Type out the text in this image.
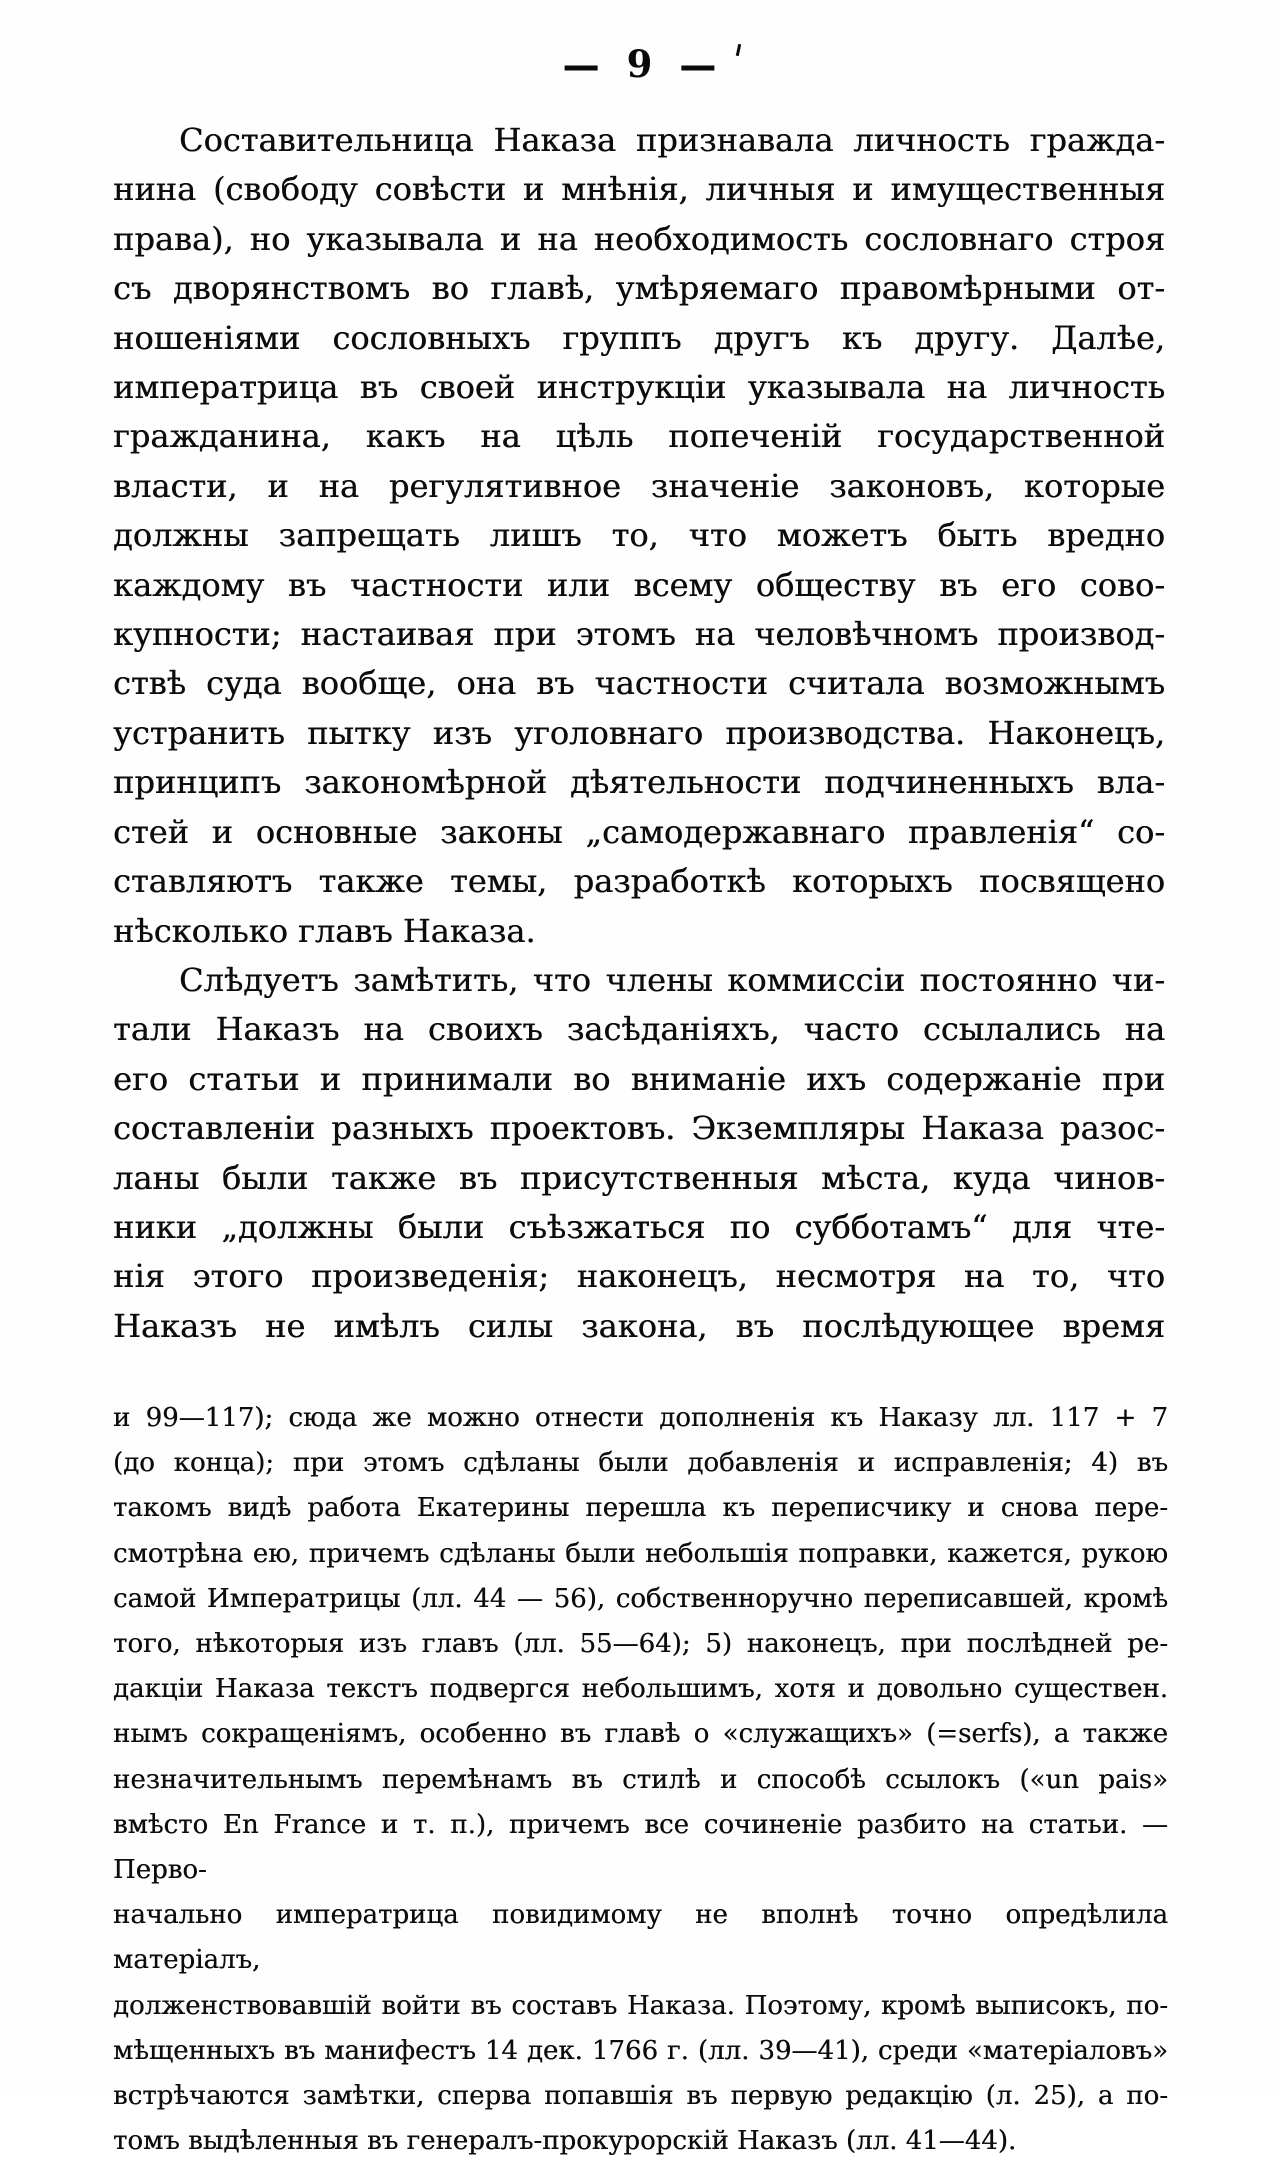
— 9 —
Составительница Наказа признавала личность гражда-
нина (свободу совѣсти и мнѣнія, личныя и имущественныя
права), но указывала и на необходимость сословнаго строя
съ дворянствомъ во главѣ, умѣряемаго правомѣрными от-
ношеніями сословныхъ группъ другъ къ другу. Далѣе,
императрица въ своей инструкціи указывала на личность
гражданина, какъ на цѣль попеченій государственной
власти, и на регулятивное значеніе законовъ, которые
должны запрещать лишъ то, что можетъ быть вредно
каждому въ частности или всему обществу въ его сово-
купности; настаивая при этомъ на человѣчномъ производ-
ствѣ суда вообще, она въ частности считала возможнымъ
устранить пытку изъ уголовнаго производства. Наконецъ,
принципъ закономѣрной дѣятельности подчиненныхъ вла-
стей и основные законы „самодержавнаго правленія“ со-
ставляютъ также темы, разработкѣ которыхъ посвящено
нѣсколько главъ Наказа.
Слѣдуетъ замѣтить, что члены коммиссіи постоянно чи-
тали Наказъ на своихъ засѣданіяхъ, часто ссылались на
его статьи и принимали во вниманіе ихъ содержаніе при
составленіи разныхъ проектовъ. Экземпляры Наказа разос-
ланы были также въ присутственныя мѣста, куда чинов-
ники „должны были съѣзжаться по субботамъ“ для чте-
нія этого произведенія; наконецъ, несмотря на то, что
Наказъ не имѣлъ силы закона, въ послѣдующее время
и 99—117); сюда же можно отнести дополненія къ Наказу лл. 117 + 7
(до конца); при этомъ сдѣланы были добавленія и исправленія; 4) въ
такомъ видѣ работа Екатерины перешла къ переписчику и снова пере-
смотрѣна ею, причемъ сдѣланы были небольшія поправки, кажется, рукою
самой Императрицы (лл. 44 — 56), собственноручно переписавшей, кромѣ
того, нѣкоторыя изъ главъ (лл. 55—64); 5) наконецъ, при послѣдней ре-
дакціи Наказа текстъ подвергся небольшимъ, хотя и довольно существен.
нымъ сокращеніямъ, особенно въ главѣ о «служащихъ» (=serfs), а также
незначительнымъ перемѣнамъ въ стилѣ и способѣ ссылокъ («un pais»
вмѣсто En France и т. п.), причемъ все сочиненіе разбито на статьи. —Перво-
начально императрица повидимому не вполнѣ точно опредѣлила матеріалъ,
долженствовавшій войти въ составъ Наказа. Поэтому, кромѣ выписокъ, по-
мѣщенныхъ въ манифестъ 14 дек. 1766 г. (лл. 39—41), среди «матеріаловъ»
встрѣчаются замѣтки, сперва попавшія въ первую редакцію (л. 25), а по-
томъ выдѣленныя въ генералъ-прокурорскій Наказъ (лл. 41—44).
